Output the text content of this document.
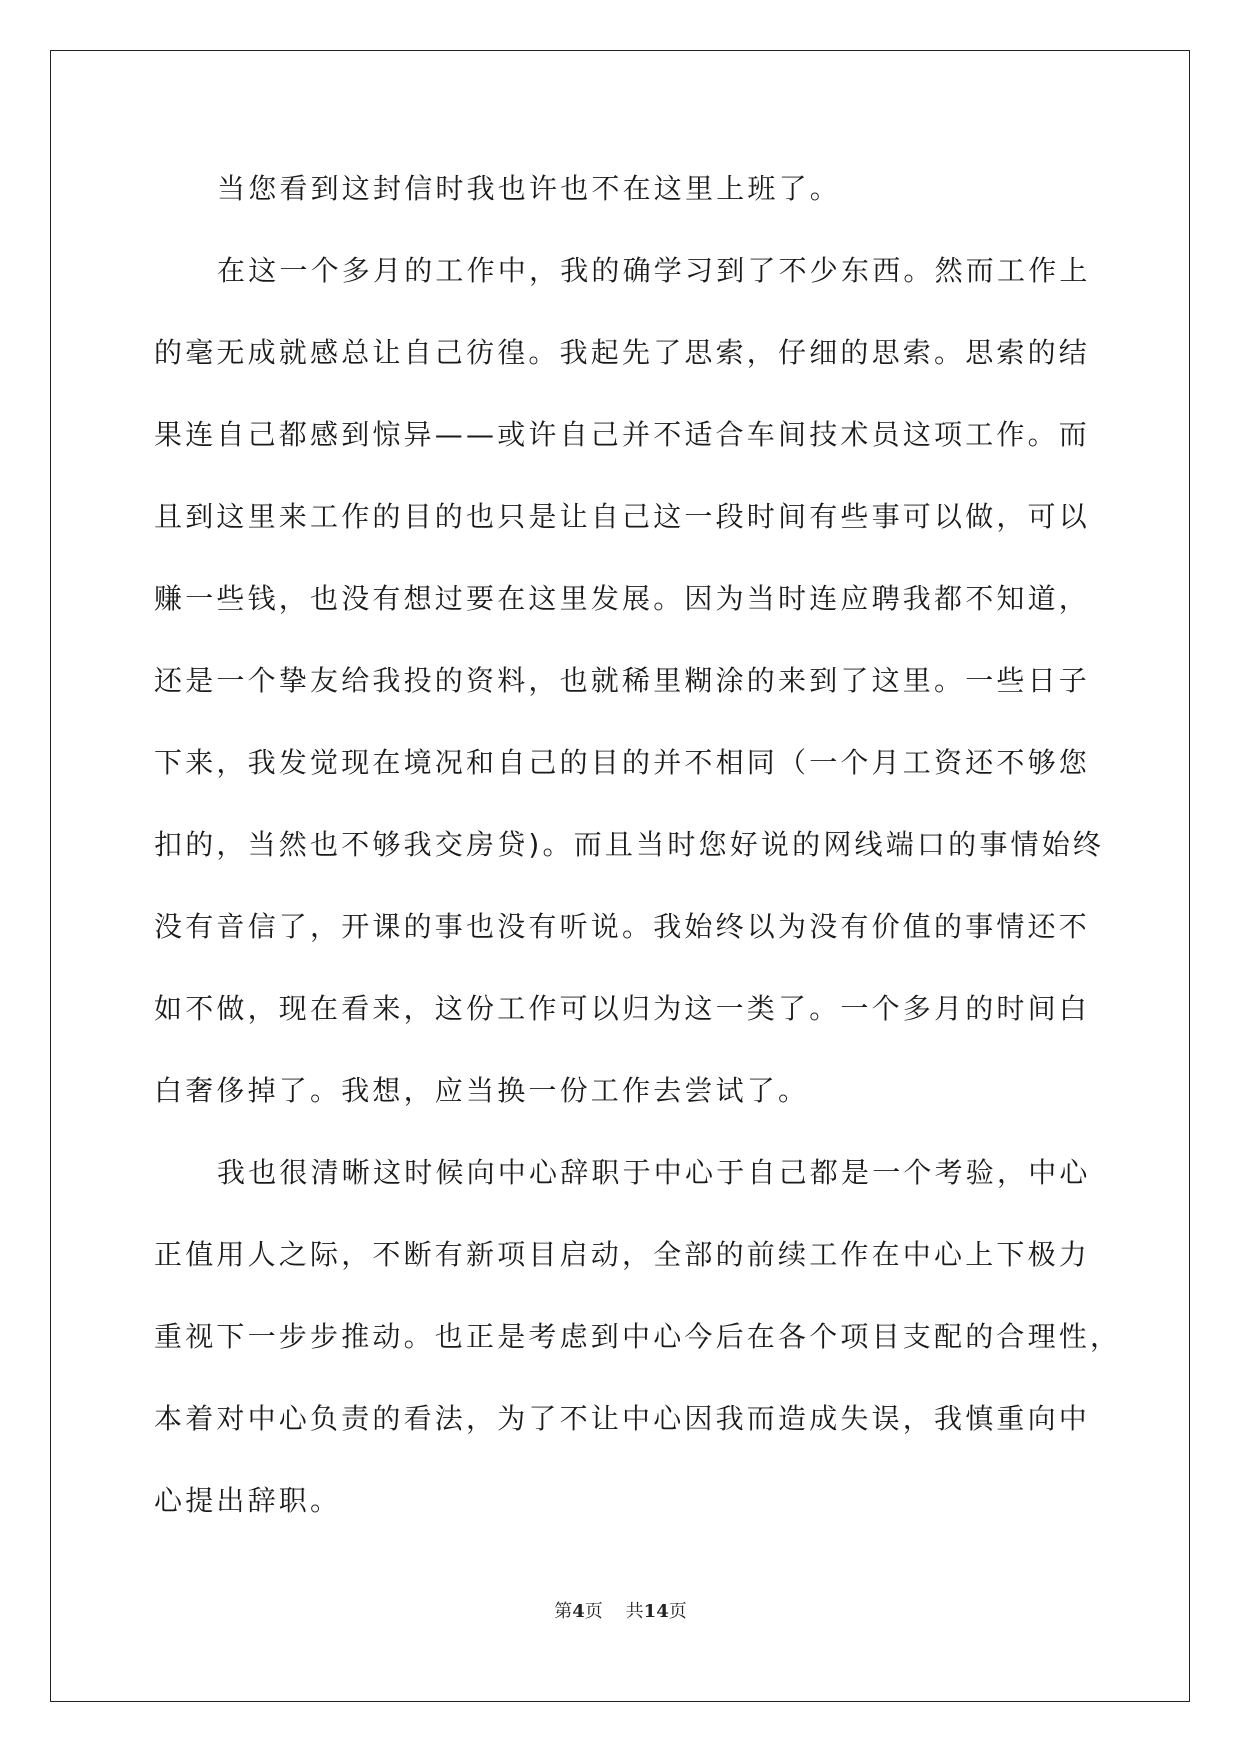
当您看到这封信时我也许也不在这里上班了。
在这一个多月的工作中，我的确学习到了不少东西。然而工作上
的毫无成就感总让自己彷徨。我起先了思索，仔细的思索。思索的结
果连自己都感到惊异——或许自己并不适合车间技术员这项工作。而
且到这里来工作的目的也只是让自己这一段时间有些事可以做，可以
赚一些钱，也没有想过要在这里发展。因为当时连应聘我都不知道，
还是一个挚友给我投的资料，也就稀里糊涂的来到了这里。一些日子
下来，我发觉现在境况和自己的目的并不相同（一个月工资还不够您
扣的，当然也不够我交房贷)。而且当时您好说的网线端口的事情始终
没有音信了，开课的事也没有听说。我始终以为没有价值的事情还不
如不做，现在看来，这份工作可以归为这一类了。一个多月的时间白
白奢侈掉了。我想，应当换一份工作去尝试了。
我也很清晰这时候向中心辞职于中心于自己都是一个考验，中心
正值用人之际，不断有新项目启动，全部的前续工作在中心上下极力
重视下一步步推动。也正是考虑到中心今后在各个项目支配的合理性，
本着对中心负责的看法，为了不让中心因我而造成失误，我慎重向中
心提出辞职。
第4页    共14页
